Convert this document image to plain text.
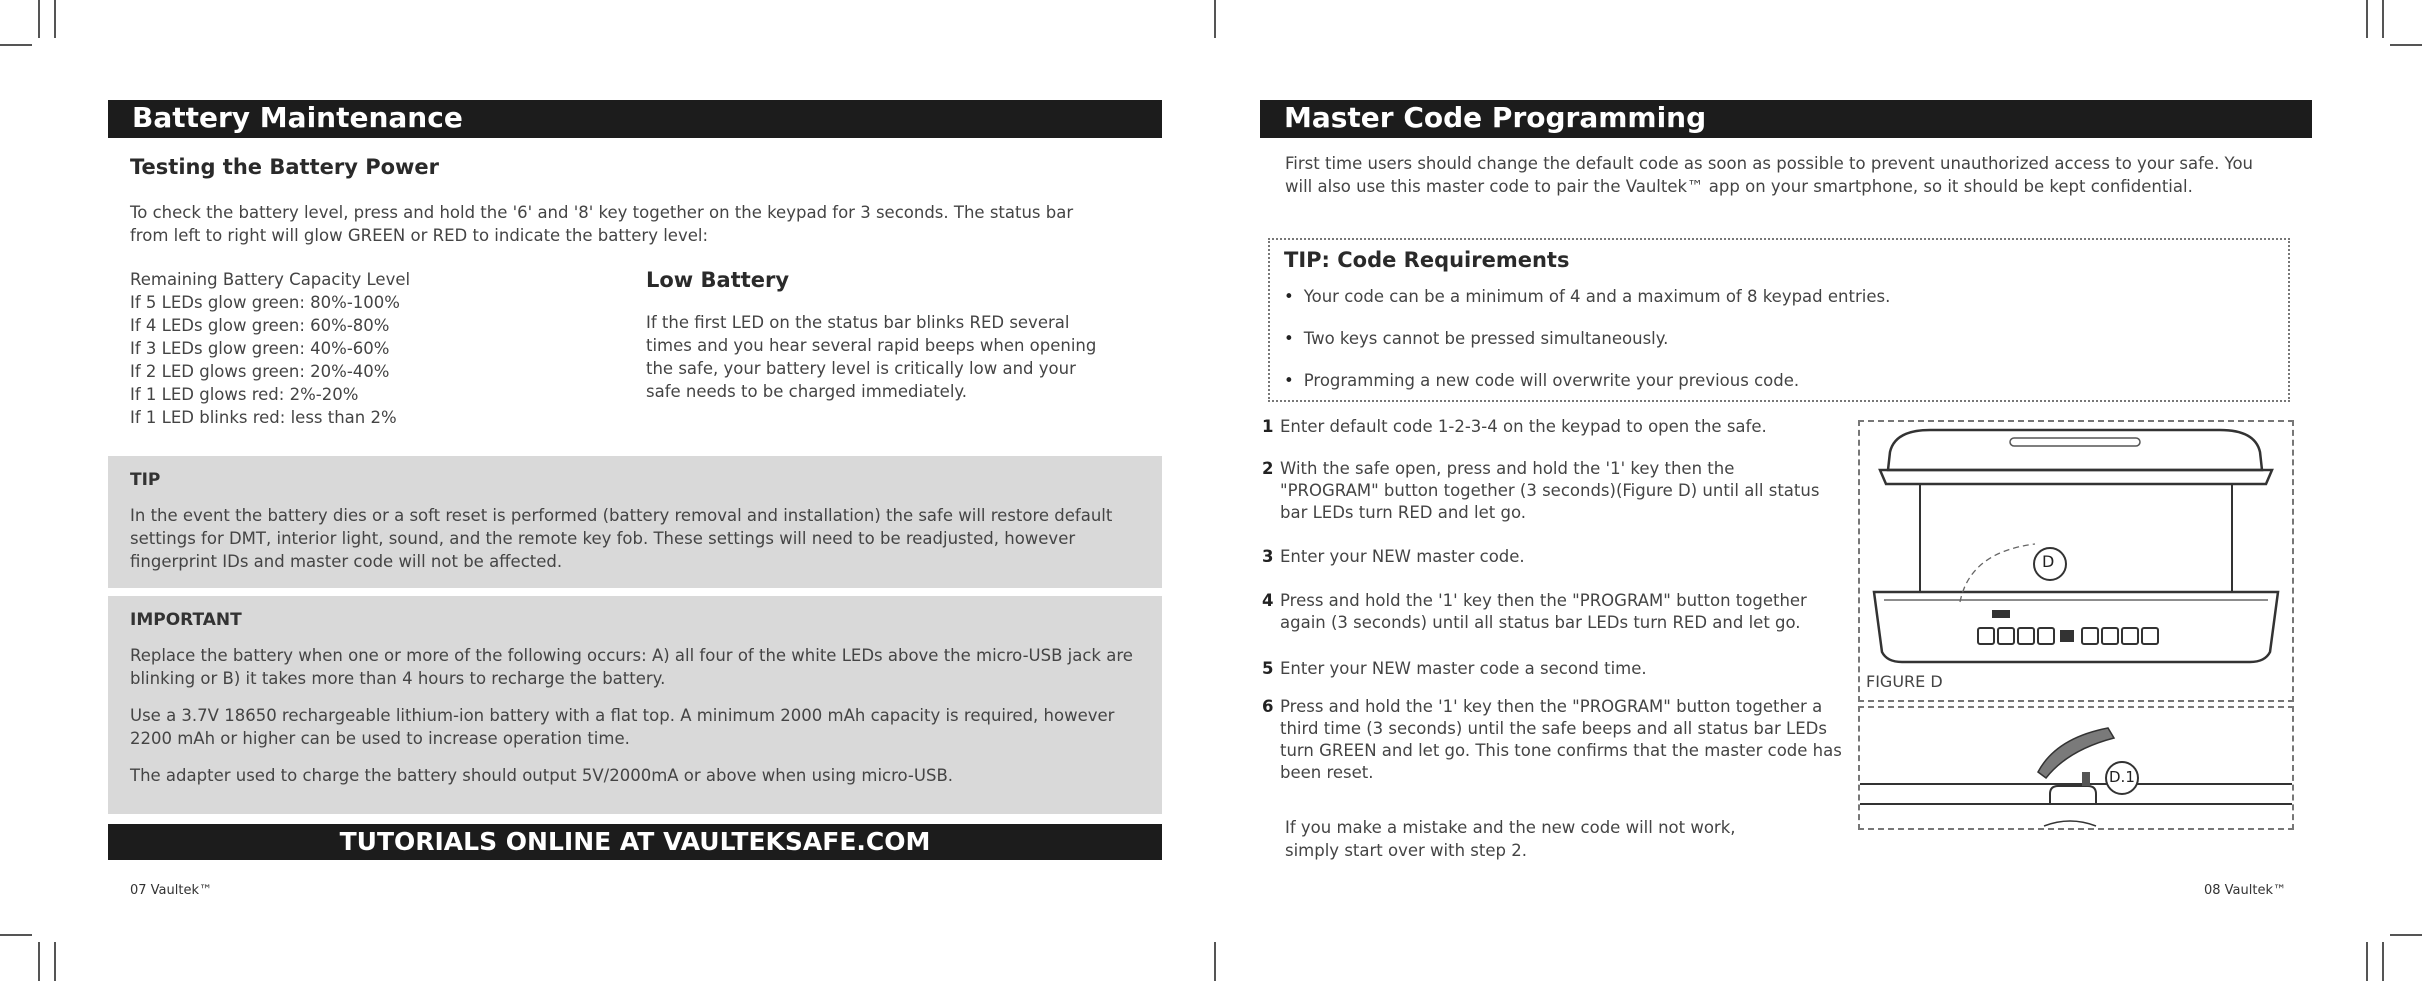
Battery Maintenance
Testing the Battery Power
To check the battery level, press and hold the '6' and '8' key together on the keypad for 3 seconds. The status bar
from left to right will glow GREEN or RED to indicate the battery level:
Remaining Battery Capacity Level
If 5 LEDs glow green: 80%-100%
If 4 LEDs glow green: 60%-80%
If 3 LEDs glow green: 40%-60%
If 2 LED glows green: 20%-40%
If 1 LED glows red: 2%-20%
If 1 LED blinks red: less than 2%
Low Battery
If the first LED on the status bar blinks RED several
times and you hear several rapid beeps when opening
the safe, your battery level is critically low and your
safe needs to be charged immediately.
TIP

In the event the battery dies or a soft reset is performed (battery removal and installation) the safe will restore default settings for DMT, interior light, sound, and the remote key fob. These settings will need to be readjusted, however fingerprint IDs and master code will not be affected.

IMPORTANT

Replace the battery when one or more of the following occurs: A) all four of the white LEDs above the micro-USB jack are blinking or B) it takes more than 4 hours to recharge the battery.

Use a 3.7V 18650 rechargeable lithium-ion battery with a flat top. A minimum 2000 mAh capacity is required, however 2200 mAh or higher can be used to increase operation time.

The adapter used to charge the battery should output 5V/2000mA or above when using micro-USB.

TUTORIALS ONLINE AT VAULTEKSAFE.COM
07 Vaultek™
Master Code Programming
First time users should change the default code as soon as possible to prevent unauthorized access to your safe. You will also use this master code to pair the Vaultek™ app on your smartphone, so it should be kept confidential.
TIP: Code Requirements
• Your code can be a minimum of 4 and a maximum of 8 keypad entries.
• Two keys cannot be pressed simultaneously.
• Programming a new code will overwrite your previous code.
1 Enter default code 1-2-3-4 on the keypad to open the safe.
2 With the safe open, press and hold the '1' key then the "PROGRAM" button together (3 seconds)(Figure D) until all status bar LEDs turn RED and let go.
3 Enter your NEW master code.
4 Press and hold the '1' key then the "PROGRAM" button together again (3 seconds) until all status bar LEDs turn RED and let go.
5 Enter your NEW master code a second time.
6 Press and hold the '1' key then the "PROGRAM" button together a third time (3 seconds) until the safe beeps and all status bar LEDs turn GREEN and let go. This tone confirms that the master code has been reset.
If you make a mistake and the new code will not work, simply start over with step 2.
D
FIGURE D
D.1
08 Vaultek™
